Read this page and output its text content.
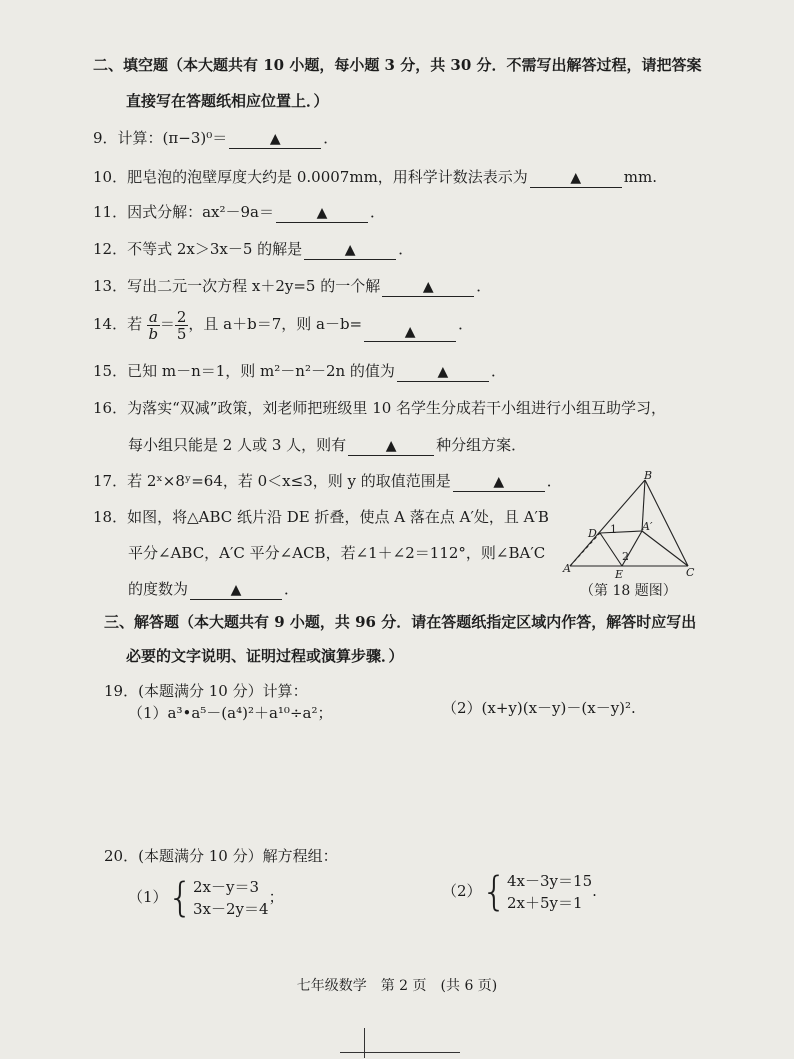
二、填空题（本大题共有 10 小题，每小题 3 分，共 30 分．不需写出解答过程，请把答案
直接写在答题纸相应位置上．）
9．计算：(π−3)⁰＝	▲	．
10．肥皂泡的泡壁厚度大约是 0.0007mm，用科学计数法表示为	▲	mm.
11．因式分解：ax²－9a＝	▲	．
12．不等式 2x＞3x－5 的解是	▲	．
13．写出二元一次方程 x＋2y=5 的一个解	▲	．
14．若 $\frac{a}{b} = \frac{2}{5}$ ，且 a＋b＝7，则 a－b=	▲	．
15．已知 m－n＝1，则 m²－n²－2n 的值为	▲	．
16．为落实“双减”政策，刘老师把班级里 10 名学生分成若干小组进行小组互助学习，
每小组只能是 2 人或 3 人，则有	▲	种分组方案．
17．若 2ˣ×8ʸ=64，若 0＜x≤3，则 y 的取值范围是	▲	．
18．如图，将△ABC 纸片沿 DE 折叠，使点 A 落在点 A′处，且 A′B
平分∠ABC，A′C 平分∠ACB，若∠1＋∠2＝112°，则∠BA′C
的度数为	▲	．
B
D
A′
A	E	C
1
2
（第 18 题图）
三、解答题（本大题共有 9 小题，共 96 分．请在答题纸指定区域内作答，解答时应写出
必要的文字说明、证明过程或演算步骤．）
19．(本题满分 10 分）计算：
（1）a³•a⁵－(a⁴)²＋a¹⁰÷a²；	（2）(x+y)(x－y)－(x－y)².
20．(本题满分 10 分）解方程组：
（1）{ 2x－y＝3
3x－2y＝4
；	（2）{ 4x－3y＝15
2x＋5y＝1
.
七年级数学　第 2 页　(共 6 页)
